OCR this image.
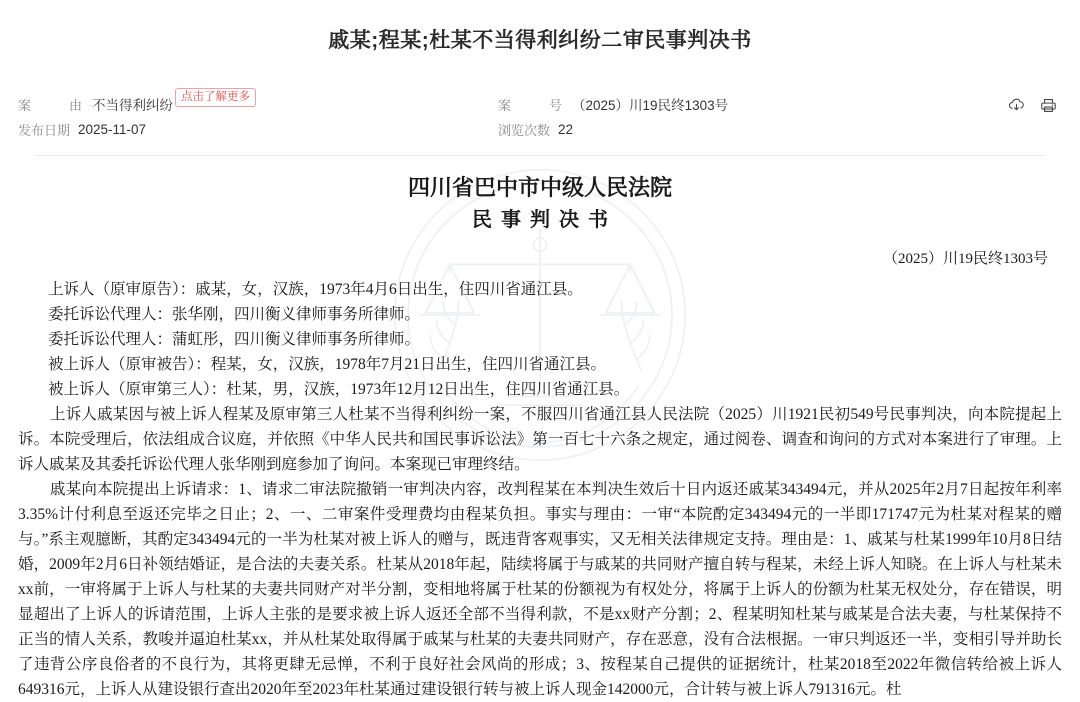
戚某;程某;杜某不当得利纠纷二审民事判决书
案　　由 不当得利纠纷
点击了解更多
案　　号 （2025）川19民终1303号
发布日期 2025-11-07	浏览次数 22
四川省巴中市中级人民法院
民事判决书
（2025）川19民终1303号
上诉人（原审原告）：戚某，女，汉族，1973年4月6日出生，住四川省通江县。
委托诉讼代理人：张华刚，四川衡义律师事务所律师。
委托诉讼代理人：蒲虹彤，四川衡义律师事务所律师。
被上诉人（原审被告）：程某，女，汉族，1978年7月21日出生，住四川省通江县。
被上诉人（原审第三人）：杜某，男，汉族，1973年12月12日出生，住四川省通江县。

上诉人戚某因与被上诉人程某及原审第三人杜某不当得利纠纷一案，不服四川省通江县人民法院（2025）川1921民初549号民事判决，向本院提起上诉。本院受理后，依法组成合议庭，并依照《中华人民共和国民事诉讼法》第一百七十六条之规定，通过阅卷、调查和询问的方式对本案进行了审理。上诉人戚某及其委托诉讼代理人张华刚到庭参加了询问。本案现已审理终结。

戚某向本院提出上诉请求：1、请求二审法院撤销一审判决内容，改判程某在本判决生效后十日内返还戚某343494元，并从2025年2月7日起按年利率3.35%计付利息至返还完毕之日止；2、一、二审案件受理费均由程某负担。事实与理由：一审“本院酌定343494元的一半即171747元为杜某对程某的赠与。”系主观臆断，其酌定343494元的一半为杜某对被上诉人的赠与，既违背客观事实，又无相关法律规定支持。理由是：1、戚某与杜某1999年10月8日结婚，2009年2月6日补领结婚证，是合法的夫妻关系。杜某从2018年起，陆续将属于与戚某的共同财产擅自转与程某，未经上诉人知晓。在上诉人与杜某未xx前，一审将属于上诉人与杜某的夫妻共同财产对半分割，变相地将属于杜某的份额视为有权处分，将属于上诉人的份额为杜某无权处分，存在错误，明显超出了上诉人的诉请范围，上诉人主张的是要求被上诉人返还全部不当得利款，不是xx财产分割；2、程某明知杜某与戚某是合法夫妻，与杜某保持不正当的情人关系，教唆并逼迫杜某xx，并从杜某处取得属于戚某与杜某的夫妻共同财产，存在恶意，没有合法根据。一审只判返还一半，变相引导并助长了违背公序良俗者的不良行为，其将更肆无忌惮，不利于良好社会风尚的形成；3、按程某自己提供的证据统计，杜某2018至2022年微信转给被上诉人649316元，上诉人从建设银行查出2020年至2023年杜某通过建设银行转与被上诉人现金142000元，合计转与被上诉人791316元。杜
